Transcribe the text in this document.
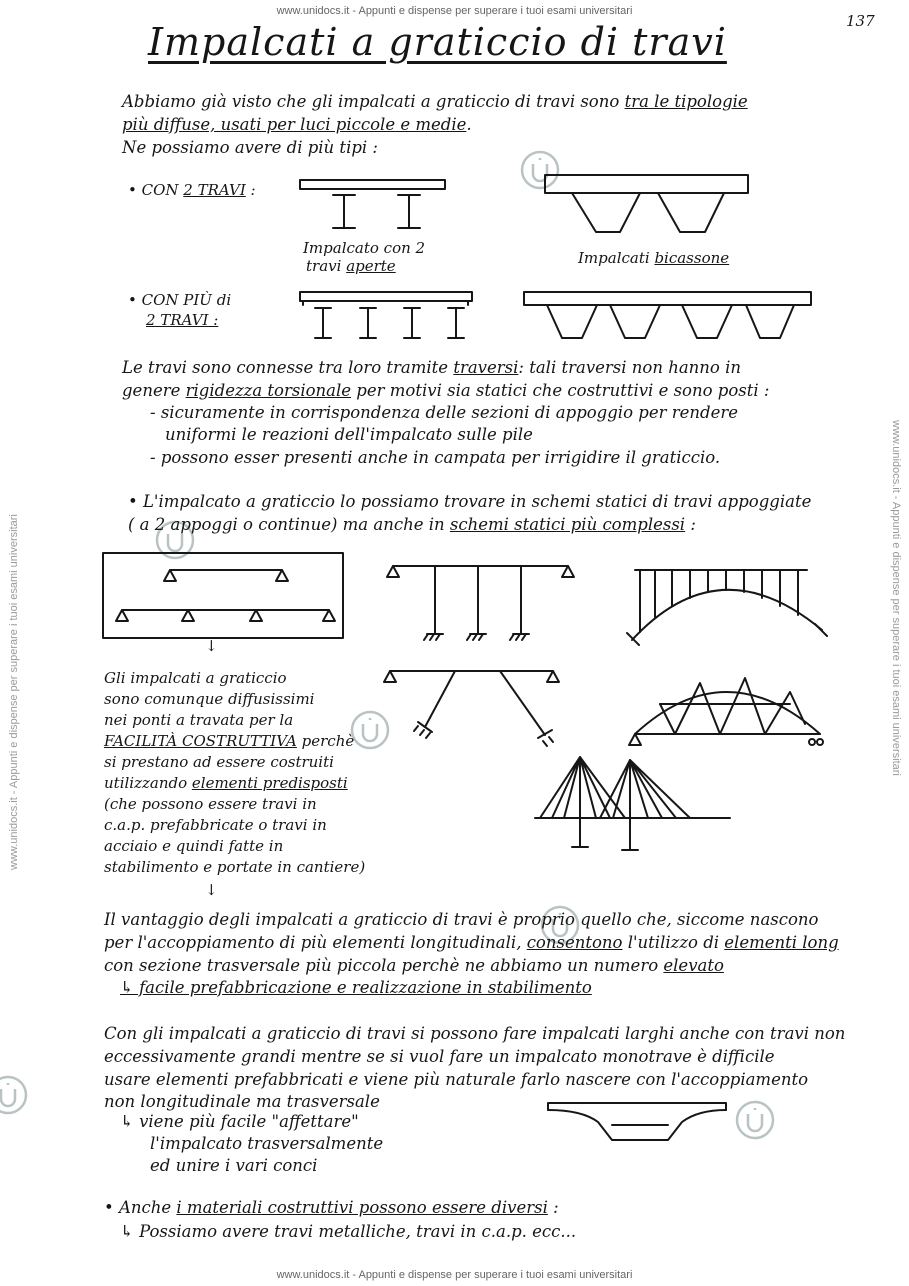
www.unidocs.it - Appunti e dispense per superare i tuoi esami universitari
www.unidocs.it - Appunti e dispense per superare i tuoi esami universitari
www.unidocs.it - Appunti e dispense per superare i tuoi esami universitari	www.unidocs.it - Appunti e dispense per superare i tuoi esami universitari
137
Impalcati a graticcio di travi
Abbiamo già visto che gli impalcati a graticcio di travi sono tra le tipologie
più diffuse, usati per luci piccole e medie.
Ne possiamo avere di più tipi :
• CON 2 TRAVI :
Impalcato con 2
travi aperte	Impalcati bicassone
• CON PIÙ di
2 TRAVI :
Le travi sono connesse tra loro tramite traversi: tali traversi non hanno in
genere rigidezza torsionale per motivi sia statici che costruttivi e sono posti :
- sicuramente in corrispondenza delle sezioni di appoggio per rendere
uniformi le reazioni dell'impalcato sulle pile
- possono esser presenti anche in campata per irrigidire il graticcio.
• L'impalcato a graticcio lo possiamo trovare in schemi statici di travi appoggiate
( a 2 appoggi o continue) ma anche in schemi statici più complessi :
↓
Gli impalcati a graticcio
sono comunque diffusissimi
nei ponti a travata per la
FACILITÀ COSTRUTTIVA perchè
si prestano ad essere costruiti
utilizzando elementi predisposti
(che possono essere travi in
c.a.p. prefabbricate o travi in
acciaio e quindi fatte in
stabilimento e portate in cantiere)
↓
Il vantaggio degli impalcati a graticcio di travi è proprio quello che, siccome nascono
per l'accoppiamento di più elementi longitudinali, consentono l'utilizzo di elementi long
con sezione trasversale più piccola perchè ne abbiamo un numero elevato
↳ facile prefabbricazione e realizzazione in stabilimento
Con gli impalcati a graticcio di travi si possono fare impalcati larghi anche con travi non
eccessivamente grandi mentre se si vuol fare un impalcato monotrave è difficile
usare elementi prefabbricati e viene più naturale farlo nascere con l'accoppiamento
non longitudinale ma trasversale
↳ viene più facile "affettare"
l'impalcato trasversalmente
ed unire i vari conci
• Anche i materiali costruttivi possono essere diversi :
↳ Possiamo avere travi metalliche, travi in c.a.p. ecc...
